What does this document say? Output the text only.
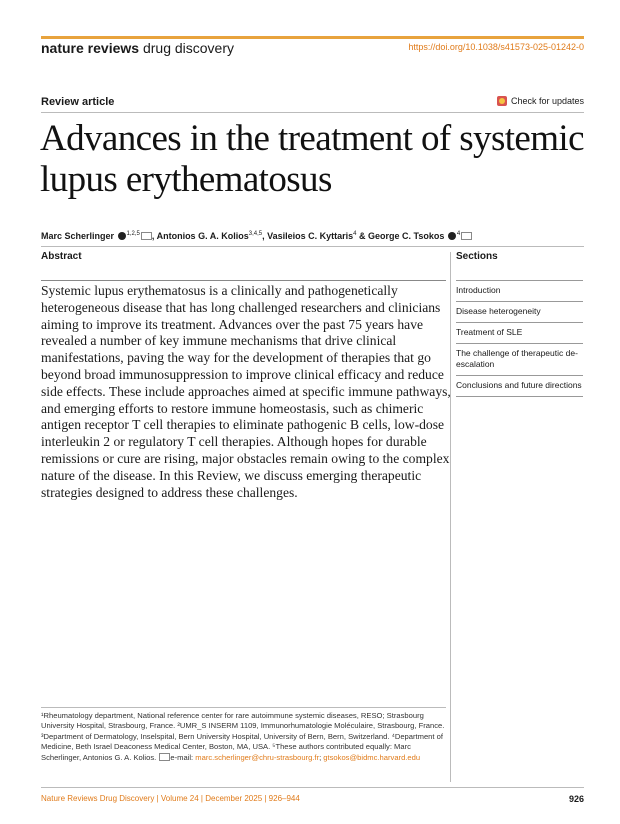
nature reviews drug discovery	https://doi.org/10.1038/s41573-025-01242-0
Review article	Check for updates
Advances in the treatment of systemic lupus erythematosus
Marc Scherlinger $^{1,2,5}$ , Antonios G. A. Kolios$^{3,4,5}$, Vasileios C. Kyttaris$^4$ & George C. Tsokos $^4$
Abstract	Sections
Systemic lupus erythematosus is a clinically and pathogenetically heterogeneous disease that has long challenged researchers and clinicians aiming to improve its treatment. Advances over the past 75 years have revealed a number of key immune mechanisms that drive clinical manifestations, paving the way for the development of therapies that go beyond broad immunosuppression to improve clinical efficacy and reduce side effects. These include approaches aimed at specific immune pathways, and emerging efforts to restore immune homeostasis, such as chimeric antigen receptor T cell therapies to eliminate pathogenic B cells, low-dose interleukin 2 or regulatory T cell therapies. Although hopes for durable remissions or cure are rising, major obstacles remain owing to the complex nature of the disease. In this Review, we discuss emerging therapeutic strategies designed to address these challenges.
Introduction
Disease heterogeneity
Treatment of SLE
The challenge of therapeutic de-escalation
Conclusions and future directions
¹Rheumatology department, National reference center for rare autoimmune systemic diseases, RESO; Strasbourg University Hospital, Strasbourg, France. ²UMR_S INSERM 1109, Immunorhumatologie Moléculaire, Strasbourg, France. ³Department of Dermatology, Inselspital, Bern University Hospital, University of Bern, Bern, Switzerland. ⁴Department of Medicine, Beth Israel Deaconess Medical Center, Boston, MA, USA. ⁵These authors contributed equally: Marc Scherlinger, Antonios G. A. Kolios. e-mail: marc.scherlinger@chru-strasbourg.fr; gtsokos@bidmc.harvard.edu
Nature Reviews Drug Discovery | Volume 24 | December 2025 | 926–944	926
